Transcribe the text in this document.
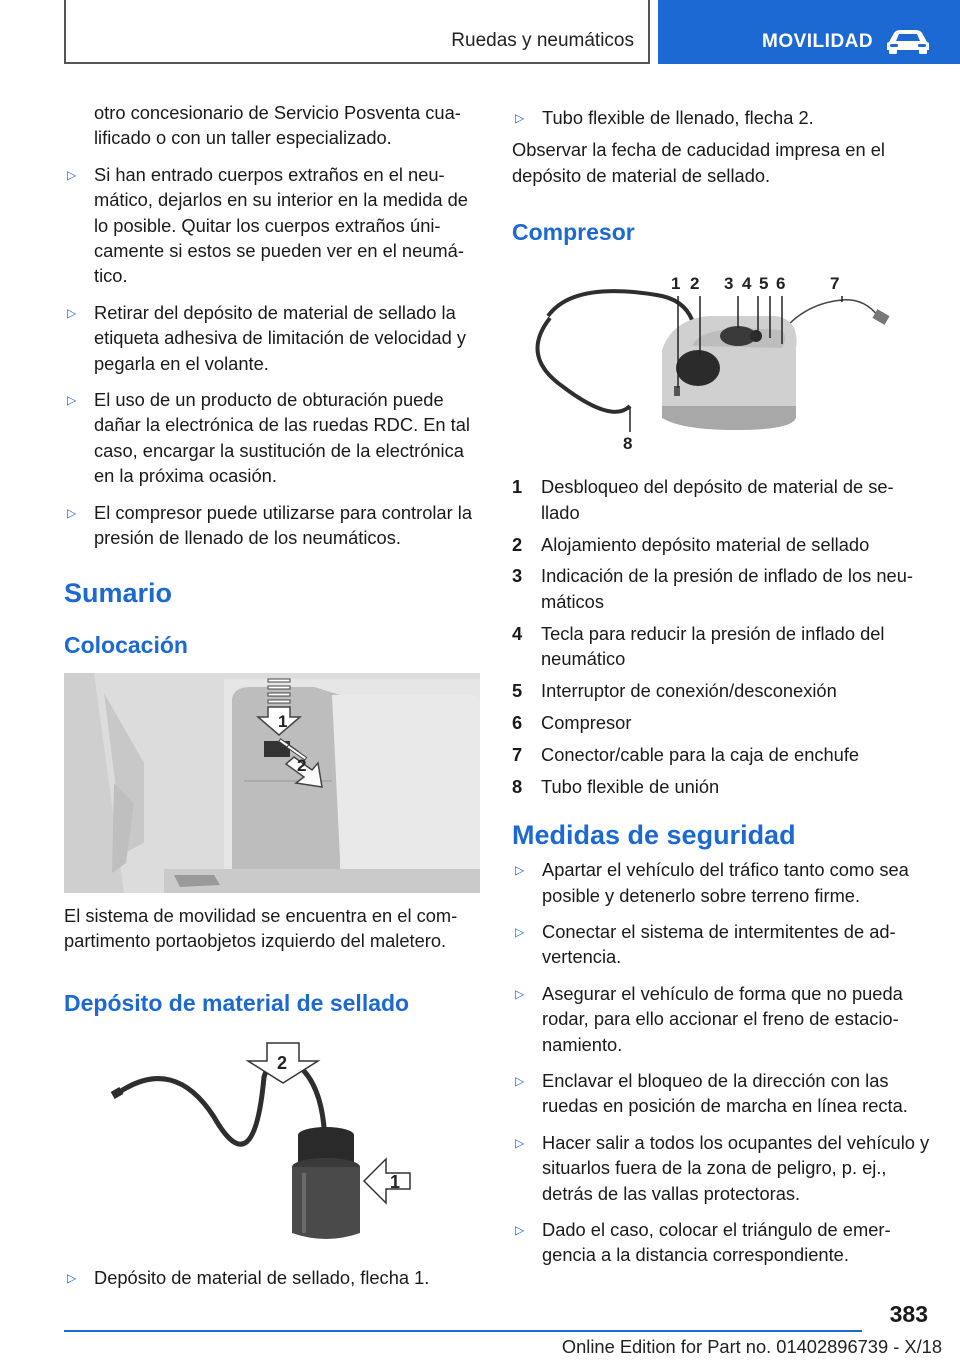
Ruedas y neumáticos	MOVILIDAD
otro concesionario de Servicio Posventa cua-lificado o con un taller especializado.
▷ Si han entrado cuerpos extraños en el neu-mático, dejarlos en su interior en la medida de lo posible. Quitar los cuerpos extraños úni-camente si estos se pueden ver en el neumá-tico.
▷ Retirar del depósito de material de sellado la etiqueta adhesiva de limitación de velocidad y pegarla en el volante.
▷ El uso de un producto de obturación puede dañar la electrónica de las ruedas RDC. En tal caso, encargar la sustitución de la electrónica en la próxima ocasión.
▷ El compresor puede utilizarse para controlar la presión de llenado de los neumáticos.
Sumario
Colocación
1
2
El sistema de movilidad se encuentra en el com-partimento portaobjetos izquierdo del maletero.
Depósito de material de sellado
2
1
▷ Depósito de material de sellado, flecha 1.
▷ Tubo flexible de llenado, flecha 2.
Observar la fecha de caducidad impresa en el depósito de material de sellado.
Compresor
1 2 3 4 5 6	7
8
1 Desbloqueo del depósito de material de se-llado
2 Alojamiento depósito material de sellado
3 Indicación de la presión de inflado de los neu-máticos
4 Tecla para reducir la presión de inflado del neumático
5 Interruptor de conexión/desconexión
6 Compresor
7 Conector/cable para la caja de enchufe
8 Tubo flexible de unión
Medidas de seguridad
▷ Apartar el vehículo del tráfico tanto como sea posible y detenerlo sobre terreno firme.
▷ Conectar el sistema de intermitentes de ad-vertencia.
▷ Asegurar el vehículo de forma que no pueda rodar, para ello accionar el freno de estacio-namiento.
▷ Enclavar el bloqueo de la dirección con las ruedas en posición de marcha en línea recta.
▷ Hacer salir a todos los ocupantes del vehículo y situarlos fuera de la zona de peligro, p. ej., detrás de las vallas protectoras.
▷ Dado el caso, colocar el triángulo de emer-gencia a la distancia correspondiente.
383
Online Edition for Part no. 01402896739 - X/18
